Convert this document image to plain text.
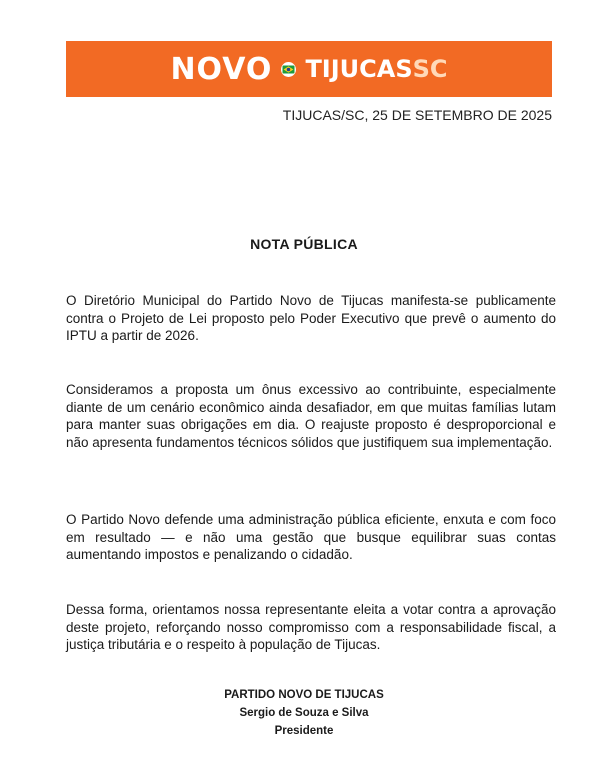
NOVO TIJUCAS SC
TIJUCAS/SC, 25 DE SETEMBRO DE 2025
NOTA PÚBLICA

O Diretório Municipal do Partido Novo de Tijucas manifesta-se publicamente contra o Projeto de Lei proposto pelo Poder Executivo que prevê o aumento do IPTU a partir de 2026.

Consideramos a proposta um ônus excessivo ao contribuinte, especialmente diante de um cenário econômico ainda desafiador, em que muitas famílias lutam para manter suas obrigações em dia. O reajuste proposto é desproporcional e não apresenta fundamentos técnicos sólidos que justifiquem sua implementação.

O Partido Novo defende uma administração pública eficiente, enxuta e com foco em resultado — e não uma gestão que busque equilibrar suas contas aumentando impostos e penalizando o cidadão.

Dessa forma, orientamos nossa representante eleita a votar contra a aprovação deste projeto, reforçando nosso compromisso com a responsabilidade fiscal, a justiça tributária e o respeito à população de Tijucas.

PARTIDO NOVO DE TIJUCAS
Sergio de Souza e Silva
Presidente
